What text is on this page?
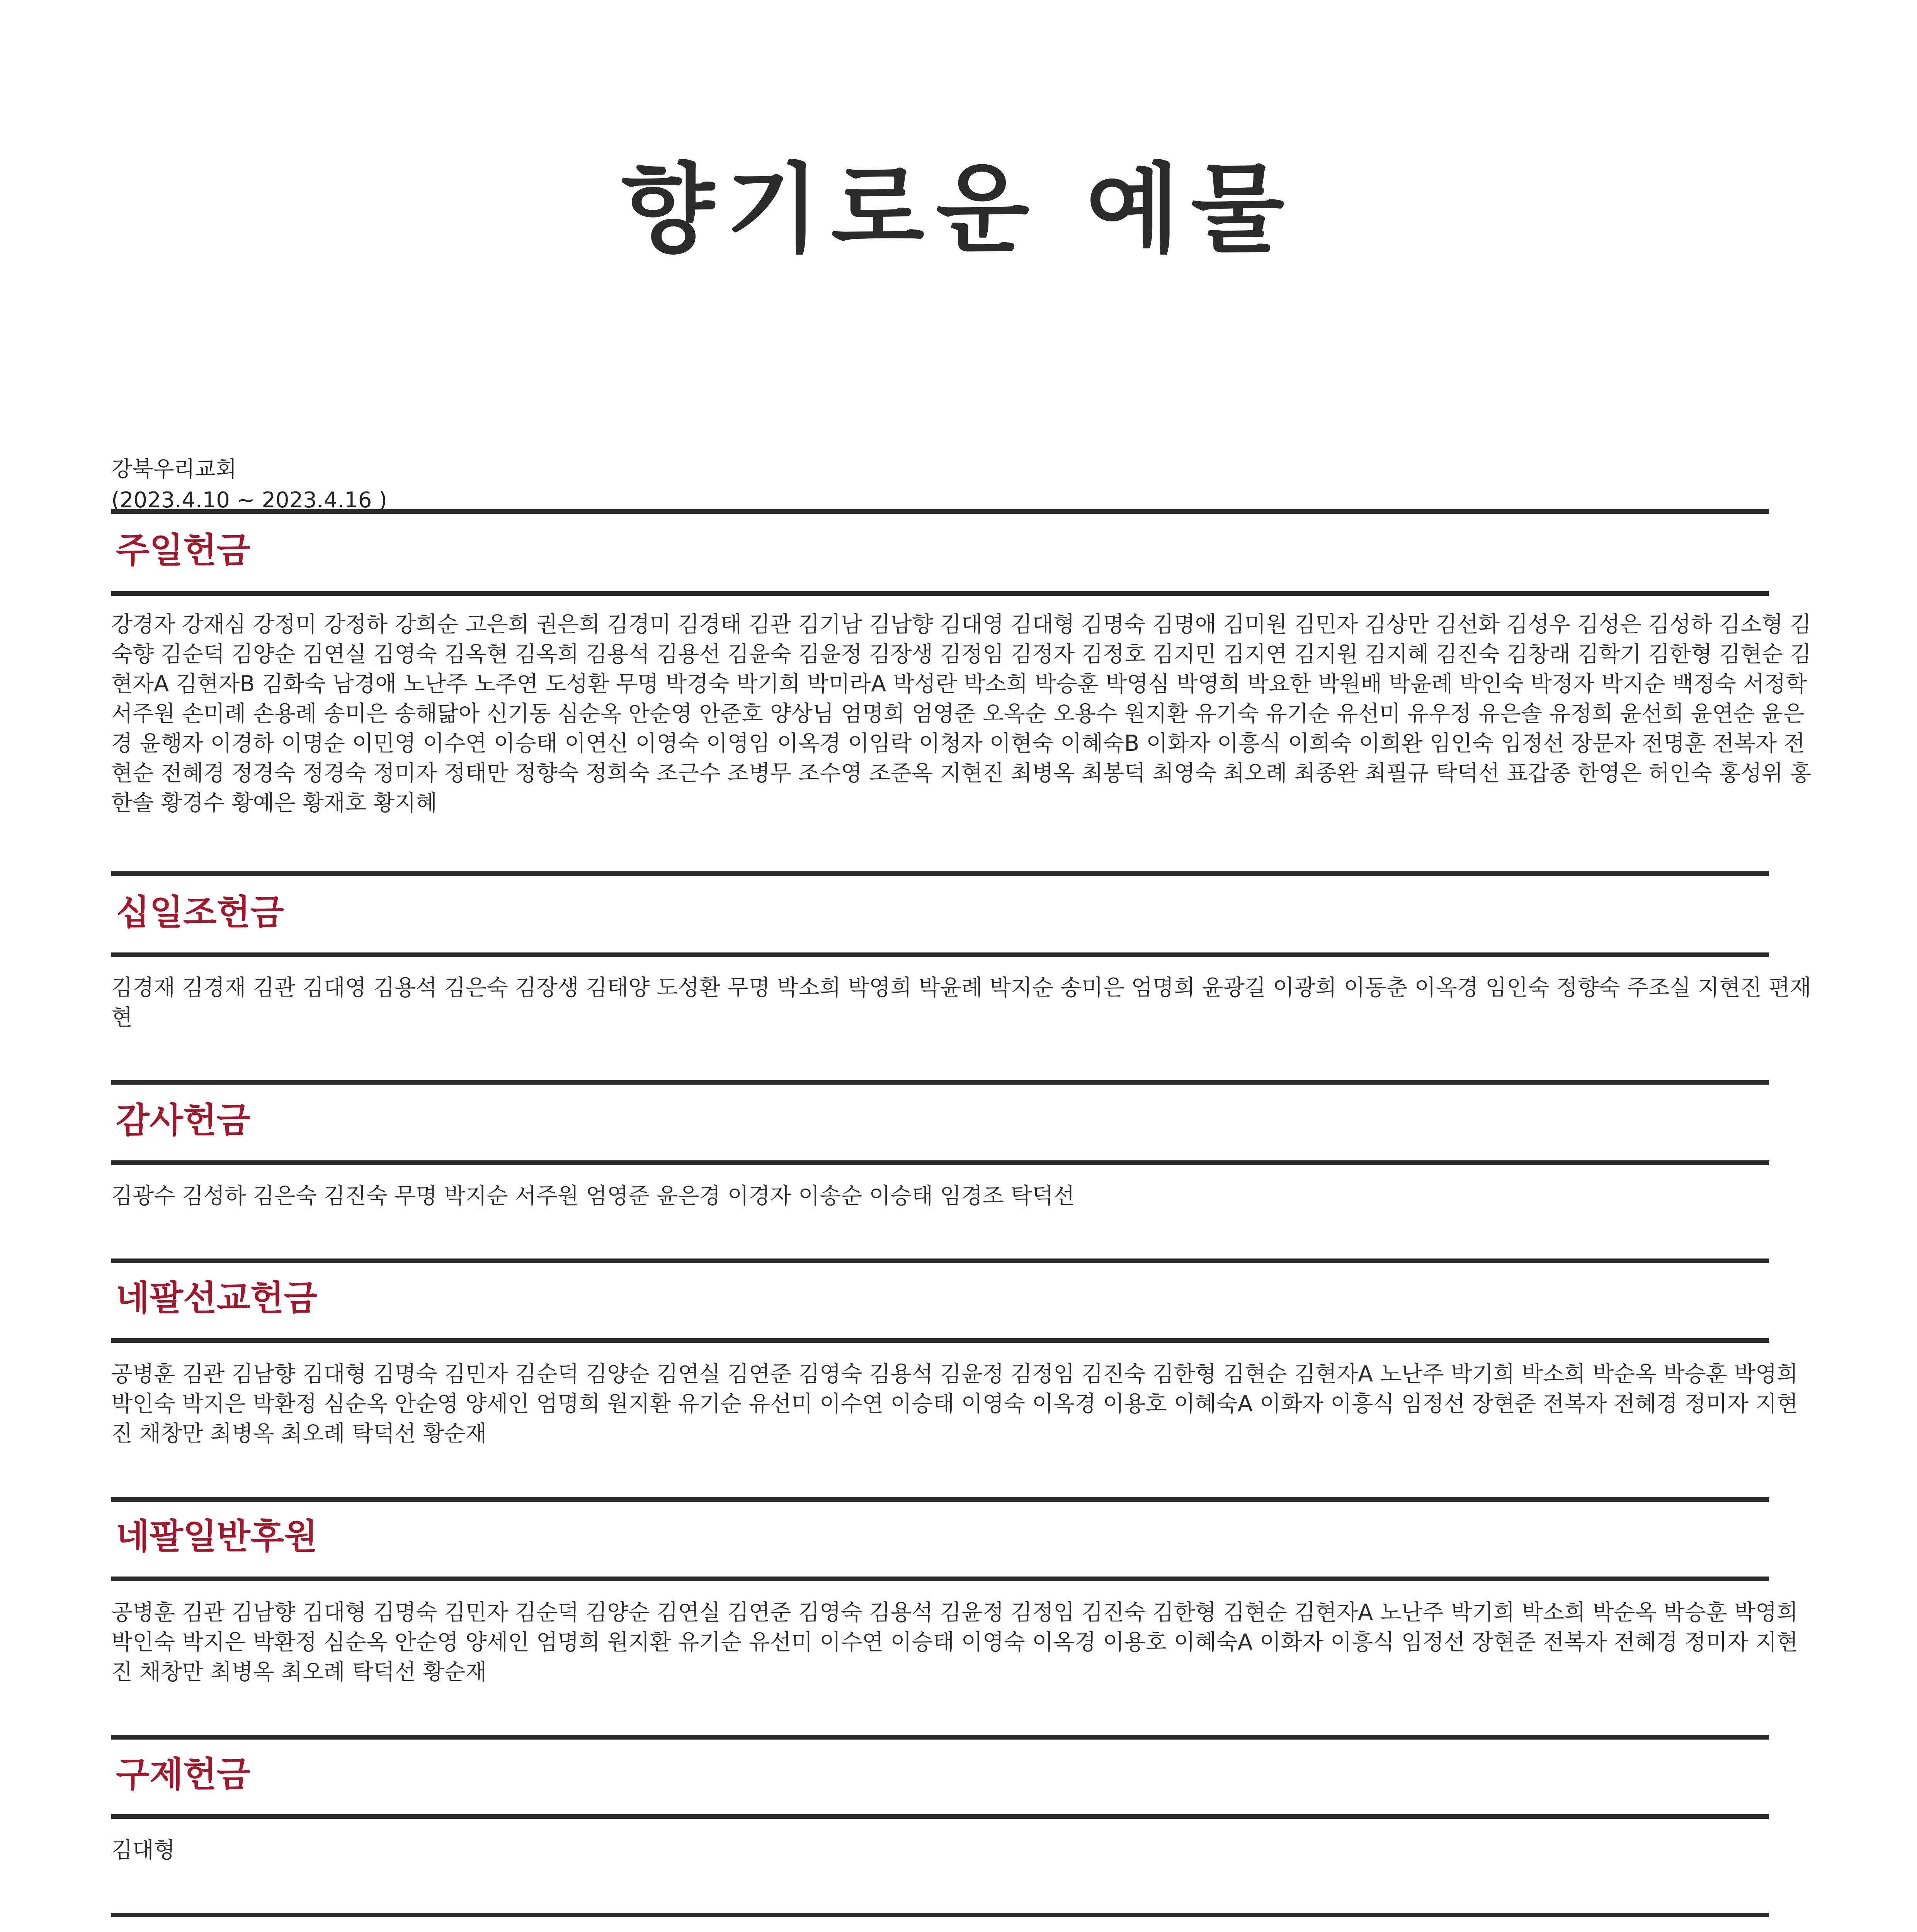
향기로운 예물
강북우리교회
(2023.4.10 ~ 2023.4.16 )
주일헌금
강경자 강재심 강정미 강정하 강희순 고은희 권은희 김경미 김경태 김관 김기남 김남향 김대영 김대형 김명숙 김명애 김미원 김민자 김상만 김선화 김성우 김성은 김성하 김소형 김숙향 김순덕 김양순 김연실 김영숙 김옥현 김옥희 김용석 김용선 김윤숙 김윤정 김장생 김정임 김정자 김정호 김지민 김지연 김지원 김지혜 김진숙 김창래 김학기 김한형 김현순 김현자A 김현자B 김화숙 남경애 노난주 노주연 도성환 무명 박경숙 박기희 박미라A 박성란 박소희 박승훈 박영심 박영희 박요한 박원배 박윤례 박인숙 박정자 박지순 백정숙 서정학 서주원 손미례 손용례 송미은 송해닮아 신기동 심순옥 안순영 안준호 양상님 엄명희 엄영준 오옥순 오용수 원지환 유기숙 유기순 유선미 유우정 유은솔 유정희 윤선희 윤연순 윤은경 윤행자 이경하 이명순 이민영 이수연 이승태 이연신 이영숙 이영임 이옥경 이임락 이청자 이현숙 이혜숙B 이화자 이흥식 이희숙 이희완 임인숙 임정선 장문자 전명훈 전복자 전현순 전혜경 정경숙 정경숙 정미자 정태만 정향숙 정희숙 조근수 조병무 조수영 조준옥 지현진 최병옥 최봉덕 최영숙 최오례 최종완 최필규 탁덕선 표갑종 한영은 허인숙 홍성위 홍한솔 황경수 황예은 황재호 황지혜
십일조헌금
김경재 김경재 김관 김대영 김용석 김은숙 김장생 김태양 도성환 무명 박소희 박영희 박윤례 박지순 송미은 엄명희 윤광길 이광희 이동춘 이옥경 임인숙 정향숙 주조실 지현진 편재현
감사헌금
김광수 김성하 김은숙 김진숙 무명 박지순 서주원 엄영준 윤은경 이경자 이송순 이승태 임경조 탁덕선
네팔선교헌금
공병훈 김관 김남향 김대형 김명숙 김민자 김순덕 김양순 김연실 김연준 김영숙 김용석 김윤정 김정임 김진숙 김한형 김현순 김현자A 노난주 박기희 박소희 박순옥 박승훈 박영희 박인숙 박지은 박환정 심순옥 안순영 양세인 엄명희 원지환 유기순 유선미 이수연 이승태 이영숙 이옥경 이용호 이혜숙A 이화자 이흥식 임정선 장현준 전복자 전혜경 정미자 지현진 채창만 최병옥 최오례 탁덕선 황순재
네팔일반후원
공병훈 김관 김남향 김대형 김명숙 김민자 김순덕 김양순 김연실 김연준 김영숙 김용석 김윤정 김정임 김진숙 김한형 김현순 김현자A 노난주 박기희 박소희 박순옥 박승훈 박영희 박인숙 박지은 박환정 심순옥 안순영 양세인 엄명희 원지환 유기순 유선미 이수연 이승태 이영숙 이옥경 이용호 이혜숙A 이화자 이흥식 임정선 장현준 전복자 전혜경 정미자 지현진 채창만 최병옥 최오례 탁덕선 황순재
구제헌금
김대형
